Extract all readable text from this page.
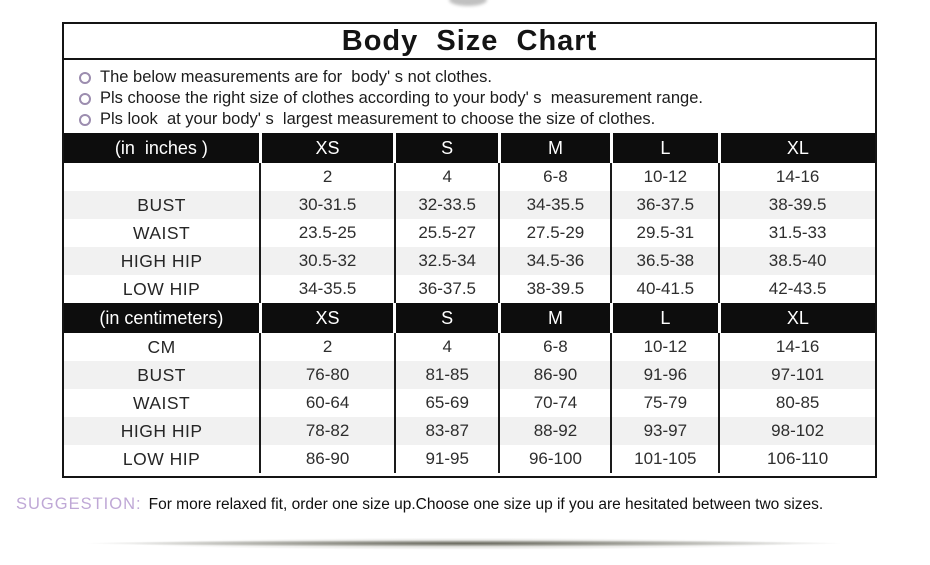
Body  Size  Chart
The below measurements are for  body' s not clothes.
Pls choose the right size of clothes according to your body' s  measurement range.
Pls look  at your body' s  largest measurement to choose the size of clothes.
(in  inches )	XS	S	M	L	XL
	2	4	6-8	10-12	14-16
BUST	30-31.5	32-33.5	34-35.5	36-37.5	38-39.5
WAIST	23.5-25	25.5-27	27.5-29	29.5-31	31.5-33
HIGH HIP	30.5-32	32.5-34	34.5-36	36.5-38	38.5-40
LOW HIP	34-35.5	36-37.5	38-39.5	40-41.5	42-43.5
(in centimeters)	XS	S	M	L	XL
CM	2	4	6-8	10-12	14-16
BUST	76-80	81-85	86-90	91-96	97-101
WAIST	60-64	65-69	70-74	75-79	80-85
HIGH HIP	78-82	83-87	88-92	93-97	98-102
LOW HIP	86-90	91-95	96-100	101-105	106-110
SUGGESTION: For more relaxed fit, order one size up.Choose one size up if you are hesitated between two sizes.
